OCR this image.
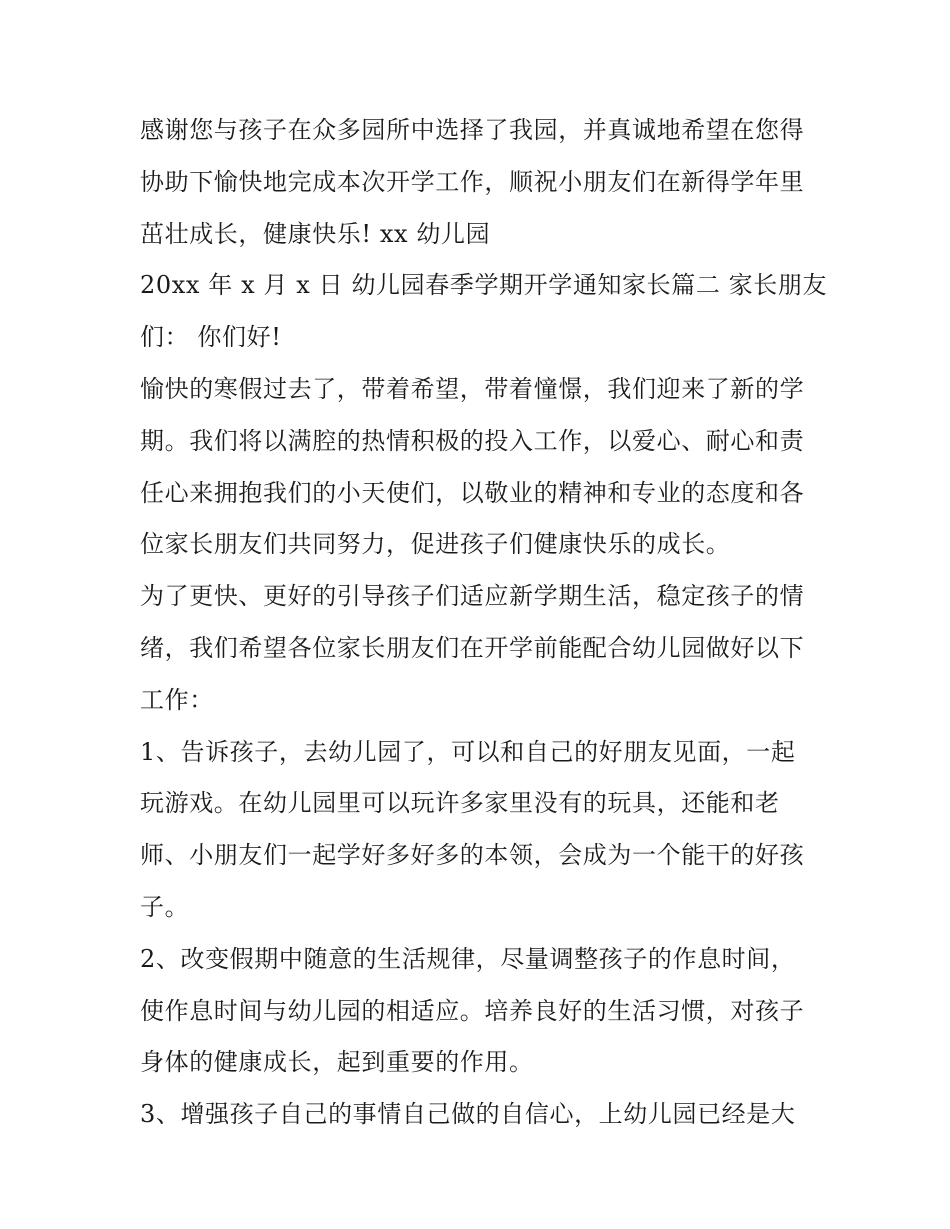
感谢您与孩子在众多园所中选择了我园，并真诚地希望在您得
协助下愉快地完成本次开学工作，顺祝小朋友们在新得学年里
茁壮成长，健康快乐! xx 幼儿园
20xx 年 x 月 x 日 幼儿园春季学期开学通知家长篇二 家长朋友
们： 你们好!
愉快的寒假过去了，带着希望，带着憧憬，我们迎来了新的学
期。我们将以满腔的热情积极的投入工作，以爱心、耐心和责
任心来拥抱我们的小天使们，以敬业的精神和专业的态度和各
位家长朋友们共同努力，促进孩子们健康快乐的成长。
为了更快、更好的引导孩子们适应新学期生活，稳定孩子的情
绪，我们希望各位家长朋友们在开学前能配合幼儿园做好以下
工作：
1、告诉孩子，去幼儿园了，可以和自己的好朋友见面，一起
玩游戏。在幼儿园里可以玩许多家里没有的玩具，还能和老
师、小朋友们一起学好多好多的本领，会成为一个能干的好孩
子。
2、改变假期中随意的生活规律，尽量调整孩子的作息时间，
使作息时间与幼儿园的相适应。培养良好的生活习惯，对孩子
身体的健康成长，起到重要的作用。
3、增强孩子自己的事情自己做的自信心，上幼儿园已经是大
